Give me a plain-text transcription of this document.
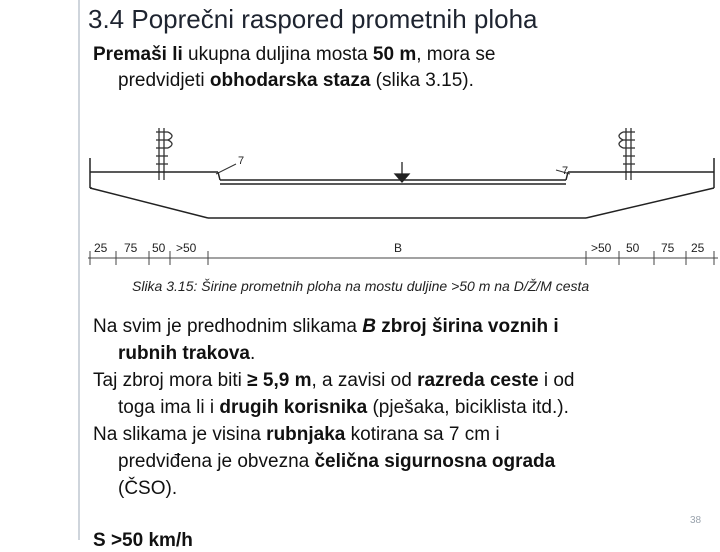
3.4 Poprečni raspored prometnih ploha
Premaši li ukupna duljina mosta 50 m, mora se
predvidjeti obhodarska staza (slika 3.15).
7
7
25 75 50 >50	B	>50 50 75 25
Slika 3.15: Širine prometnih ploha na mostu duljine >50 m na D/Ž/M cesta

Na svim je predhodnim slikama B zbroj širina voznih i
rubnih trakova.

Taj zbroj mora biti ≥ 5,9 m, a zavisi od razreda ceste i od
toga ima li i drugih korisnika (pješaka, biciklista itd.).

Na slikama je visina rubnjaka kotirana sa 7 cm i
predviđena je obvezna čelična sigurnosna ograda
(ČSO).

38
S >50 km/h
